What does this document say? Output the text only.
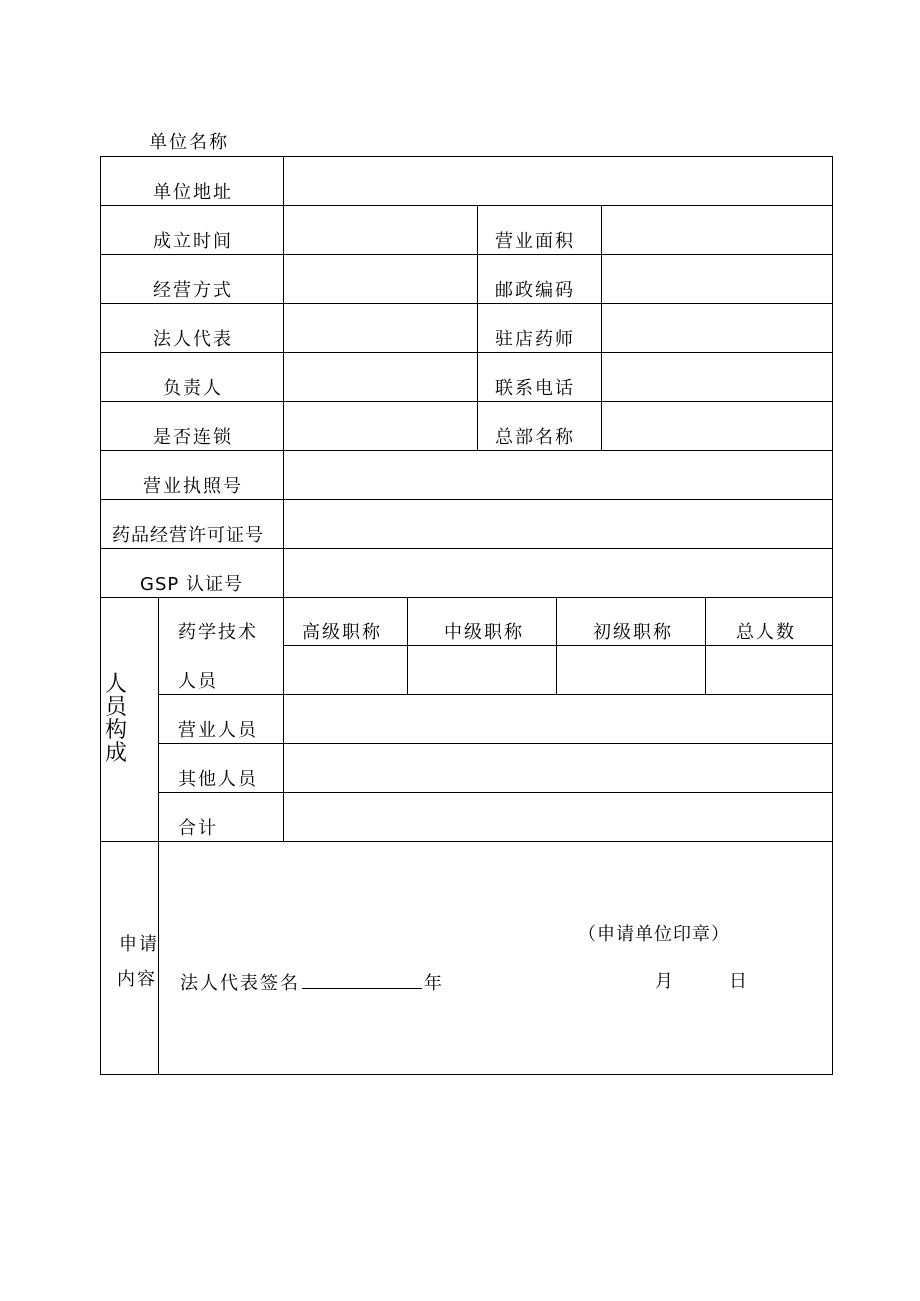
单位名称
单位地址
成立时间	营业面积
经营方式	邮政编码
法人代表	驻店药师
负责人	联系电话
是否连锁	总部名称
营业执照号
药品经营许可证号
GSP 认证号
人员构成
药学技术
人员
高级职称	中级职称	初级职称	总人数
营业人员
其他人员
合计
申请
内容
（申请单位印章）
法人代表签名	年	月	日
